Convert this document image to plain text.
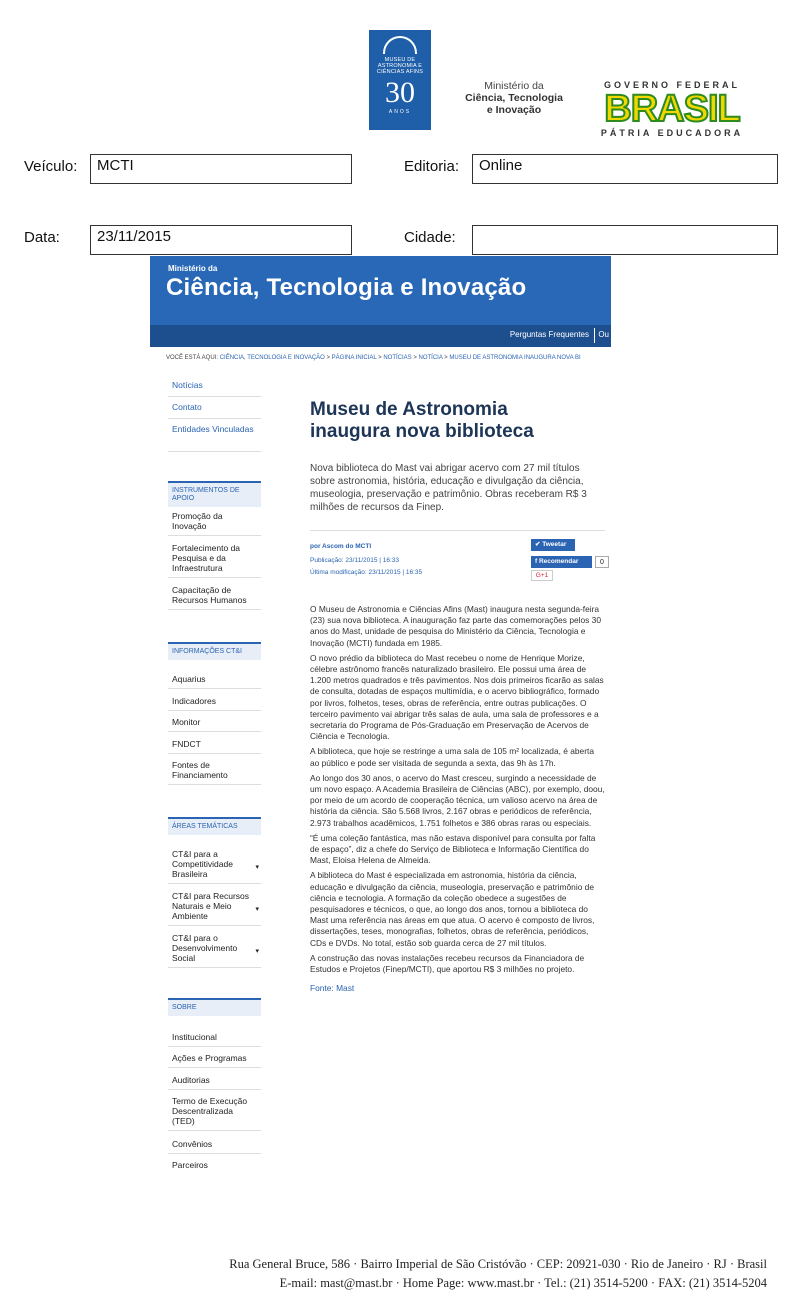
MUSEU DE ASTRONOMIA E CIÊNCIAS AFINS
30
ANOS
Ministério da
Ciência, Tecnologia
e Inovação
GOVERNO FEDERAL
BRASIL
PÁTRIA EDUCADORA
Veículo:	MCTI	Editoria:	Online
Data:	23/11/2015	Cidade:
Ministério da
Ciência, Tecnologia e Inovação
Perguntas Frequentes Ou
VOCÊ ESTÁ AQUI: CIÊNCIA, TECNOLOGIA E INOVAÇÃO > PÁGINA INICIAL > NOTÍCIAS > NOTÍCIA > MUSEU DE ASTRONOMIA INAUGURA NOVA BI
Notícias
Contato
Entidades Vinculadas
INSTRUMENTOS DE APOIO
Promoção da Inovação
Fortalecimento da Pesquisa e da Infraestrutura
Capacitação de Recursos Humanos
INFORMAÇÕES CT&I
Aquarius
Indicadores
Monitor
FNDCT
Fontes de Financiamento
ÁREAS TEMÁTICAS
CT&I para a Competitividade Brasileira
▾
CT&I para Recursos Naturais e Meio Ambiente
▾
CT&I para o Desenvolvimento Social
▾
SOBRE
Institucional
Ações e Programas
Auditorias
Termo de Execução Descentralizada (TED)
Convênios
Parceiros
Museu de Astronomia inaugura nova biblioteca
Nova biblioteca do Mast vai abrigar acervo com 27 mil títulos sobre astronomia, história, educação e divulgação da ciência, museologia, preservação e patrimônio. Obras receberam R$ 3 milhões de recursos da Finep.
por Ascom do MCTI
Publicação: 23/11/2015 | 16:33
Última modificação: 23/11/2015 | 16:35
✔ Tweetar
f Recomendar	0
G+1

O Museu de Astronomia e Ciências Afins (Mast) inaugura nesta segunda-feira (23) sua nova biblioteca. A inauguração faz parte das comemorações pelos 30 anos do Mast, unidade de pesquisa do Ministério da Ciência, Tecnologia e Inovação (MCTI) fundada em 1985.

O novo prédio da biblioteca do Mast recebeu o nome de Henrique Morize, célebre astrônomo francês naturalizado brasileiro. Ele possui uma área de 1.200 metros quadrados e três pavimentos. Nos dois primeiros ficarão as salas de consulta, dotadas de espaços multimídia, e o acervo bibliográfico, formado por livros, folhetos, teses, obras de referência, entre outras publicações. O terceiro pavimento vai abrigar três salas de aula, uma sala de professores e a secretaria do Programa de Pós-Graduação em Preservação de Acervos de Ciência e Tecnologia.

A biblioteca, que hoje se restringe a uma sala de 105 m² localizada, é aberta ao público e pode ser visitada de segunda a sexta, das 9h às 17h.

Ao longo dos 30 anos, o acervo do Mast cresceu, surgindo a necessidade de um novo espaço. A Academia Brasileira de Ciências (ABC), por exemplo, doou, por meio de um acordo de cooperação técnica, um valioso acervo na área de história da ciência. São 5.568 livros, 2.167 obras e periódicos de referência, 2.973 trabalhos acadêmicos, 1.751 folhetos e 386 obras raras ou especiais.

“É uma coleção fantástica, mas não estava disponível para consulta por falta de espaço”, diz a chefe do Serviço de Biblioteca e Informação Científica do Mast, Eloisa Helena de Almeida.

A biblioteca do Mast é especializada em astronomia, história da ciência, educação e divulgação da ciência, museologia, preservação e patrimônio de ciência e tecnologia. A formação da coleção obedece a sugestões de pesquisadores e técnicos, o que, ao longo dos anos, tornou a biblioteca do Mast uma referência nas áreas em que atua. O acervo é composto de livros, dissertações, teses, monografias, folhetos, obras de referência, periódicos, CDs e DVDs. No total, estão sob guarda cerca de 27 mil títulos.

A construção das novas instalações recebeu recursos da Financiadora de Estudos e Projetos (Finep/MCTI), que aportou R$ 3 milhões no projeto.

Fonte: Mast
Rua General Bruce, 586 · Bairro Imperial de São Cristóvão · CEP: 20921-030 · Rio de Janeiro · RJ · Brasil
E-mail: mast@mast.br · Home Page: www.mast.br · Tel.: (21) 3514-5200 · FAX: (21) 3514-5204
